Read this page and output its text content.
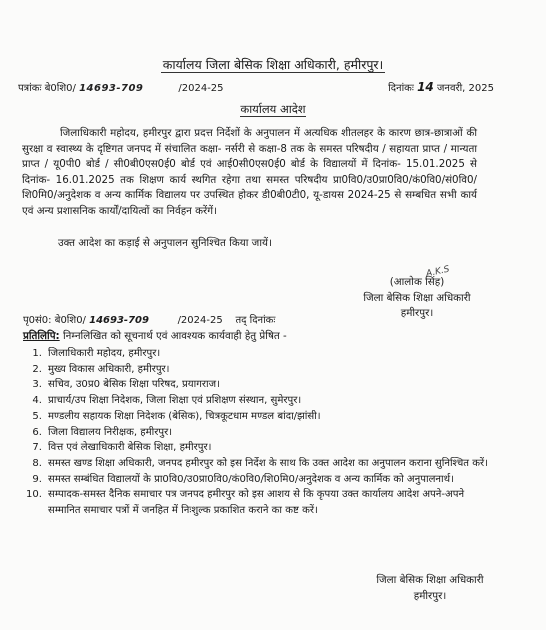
कार्यालय जिला बेसिक शिक्षा अधिकारी, हमीरपुर।
पत्रांकः बे0शि0/ 14693-709	/2024-25	दिनांकः 14 जनवरी, 2025
कार्यालय आदेश
जिलाधिकारी महोदय, हमीरपुर द्वारा प्रदत्त निर्देशों के अनुपालन में अत्यधिक शीतलहर के कारण छात्र-छात्राओं की सुरक्षा व स्वास्थ्य के दृष्टिगत जनपद में संचालित कक्षा- नर्सरी से कक्षा-8 तक के समस्त परिषदीय / सहायता प्राप्त / मान्यता प्राप्त / यू0पी0 बोर्ड / सी0बी0एस0ई0 बोर्ड एवं आई0सी0एस0ई0 बोर्ड के विद्यालयों में दिनांक- 15.01.2025 से दिनांक- 16.01.2025 तक शिक्षण कार्य स्थगित रहेगा तथा समस्त परिषदीय प्रा0वि0/उ0प्रा0वि0/कं0वि0/सं0वि0/शि0मि0/अनुदेशक व अन्य कार्मिक विद्यालय पर उपस्थित होकर डी0बी0टी0, यू-डायस 2024-25 से सम्बधित सभी कार्य एवं अन्य प्रशासनिक कार्यों/दायित्वों का निर्वहन करेंगें।
उक्त आदेश का कड़ाई से अनुपालन सुनिश्चित किया जायें।
A.K.S
(आलोक सिंह)
जिला बेसिक शिक्षा अधिकारी
हमीरपुर।
पृ0सं0: बे0शि0/ 14693-709	/2024-25 तद् दिनांकः
प्रतिलिपि: निम्नलिखित को सूचनार्थ एवं आवश्यक कार्यवाही हेतु प्रेषित -
1. जिलाधिकारी महोदय, हमीरपुर।
2. मुख्य विकास अधिकारी, हमीरपुर।
3. सचिव, उ0प्र0 बेसिक शिक्षा परिषद, प्रयागराज।
4. प्राचार्य/उप शिक्षा निदेशक, जिला शिक्षा एवं प्रशिक्षण संस्थान, सुमेरपुर।
5. मण्डलीय सहायक शिक्षा निदेशक (बेसिक), चित्रकूटधाम मण्डल बांदा/झांसी।
6. जिला विद्यालय निरीक्षक, हमीरपुर।
7. वित्त एवं लेखाधिकारी बेसिक शिक्षा, हमीरपुर।
8. समस्त खण्ड शिक्षा अधिकारी, जनपद हमीरपुर को इस निर्देश के साथ कि उक्त आदेश का अनुपालन कराना सुनिश्चित करें।
9. समस्त सम्बंधित विद्यालयों के प्रा0वि0/उ0प्रा0वि0/कं0वि0/शि0मि0/अनुदेशक व अन्य कार्मिक को अनुपालनार्थ।
10. सम्पादक-समस्त दैनिक समाचार पत्र जनपद हमीरपुर को इस आशय से कि कृपया उक्त कार्यालय आदेश अपने-अपने सम्मानित समाचार पत्रों में जनहित में निःशुल्क प्रकाशित कराने का कष्ट करें।
जिला बेसिक शिक्षा अधिकारी
हमीरपुर।
